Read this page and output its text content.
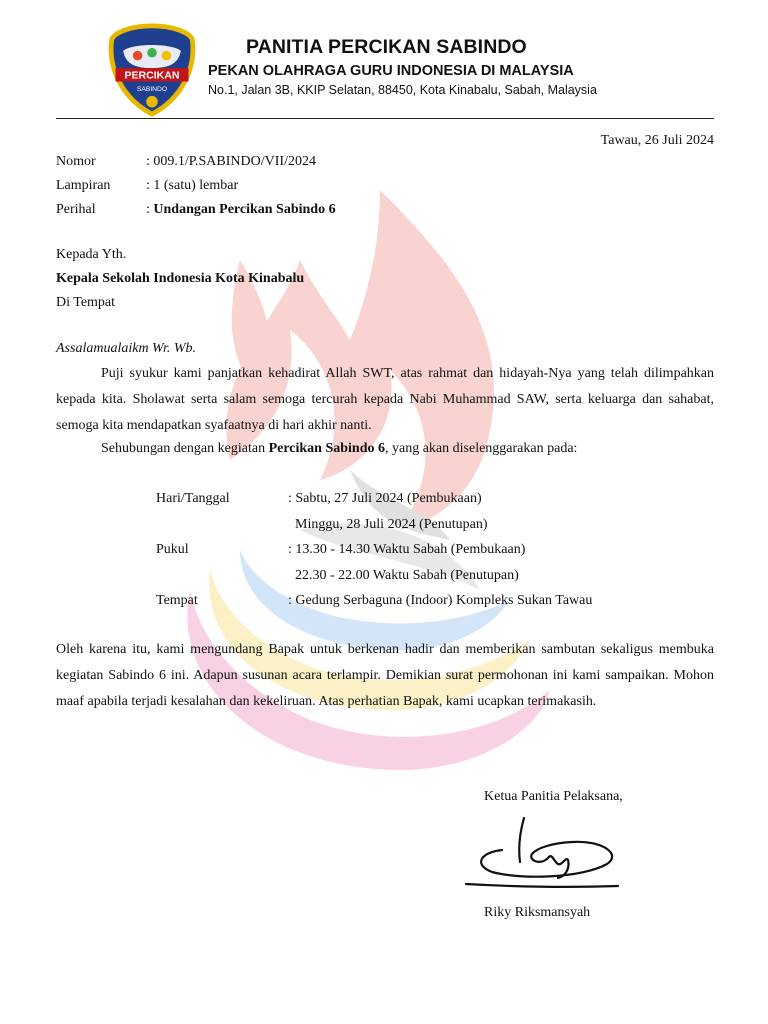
PERCIKAN
SABINDO
PANITIA PERCIKAN SABINDO
PEKAN OLAHRAGA GURU INDONESIA DI MALAYSIA
No.1, Jalan 3B, KKIP Selatan, 88450, Kota Kinabalu, Sabah, Malaysia
Tawau, 26 Juli 2024
Nomor	: 009.1/P.SABINDO/VII/2024
Lampiran	: 1 (satu) lembar
Perihal	: Undangan Percikan Sabindo 6
Kepada Yth.
Kepala Sekolah Indonesia Kota Kinabalu
Di Tempat
Assalamualaikm Wr. Wb.
Puji syukur kami panjatkan kehadirat Allah SWT, atas rahmat dan hidayah-Nya yang telah dilimpahkan kepada kita. Sholawat serta salam semoga tercurah kepada Nabi Muhammad SAW, serta keluarga dan sahabat, semoga kita mendapatkan syafaatnya di hari akhir nanti.
Sehubungan dengan kegiatan Percikan Sabindo 6, yang akan diselenggarakan pada:
Hari/Tanggal	: Sabtu, 27 Juli 2024 (Pembukaan)
Minggu, 28 Juli 2024 (Penutupan)
Pukul	: 13.30 - 14.30 Waktu Sabah (Pembukaan)
22.30 - 22.00 Waktu Sabah (Penutupan)
Tempat	: Gedung Serbaguna (Indoor) Kompleks Sukan Tawau
Oleh karena itu, kami mengundang Bapak untuk berkenan hadir dan memberikan sambutan sekaligus membuka kegiatan Sabindo 6 ini. Adapun susunan acara terlampir. Demikian surat permohonan ini kami sampaikan. Mohon maaf apabila terjadi kesalahan dan kekeliruan. Atas perhatian Bapak, kami ucapkan terimakasih.
Ketua Panitia Pelaksana,
Riky Riksmansyah
